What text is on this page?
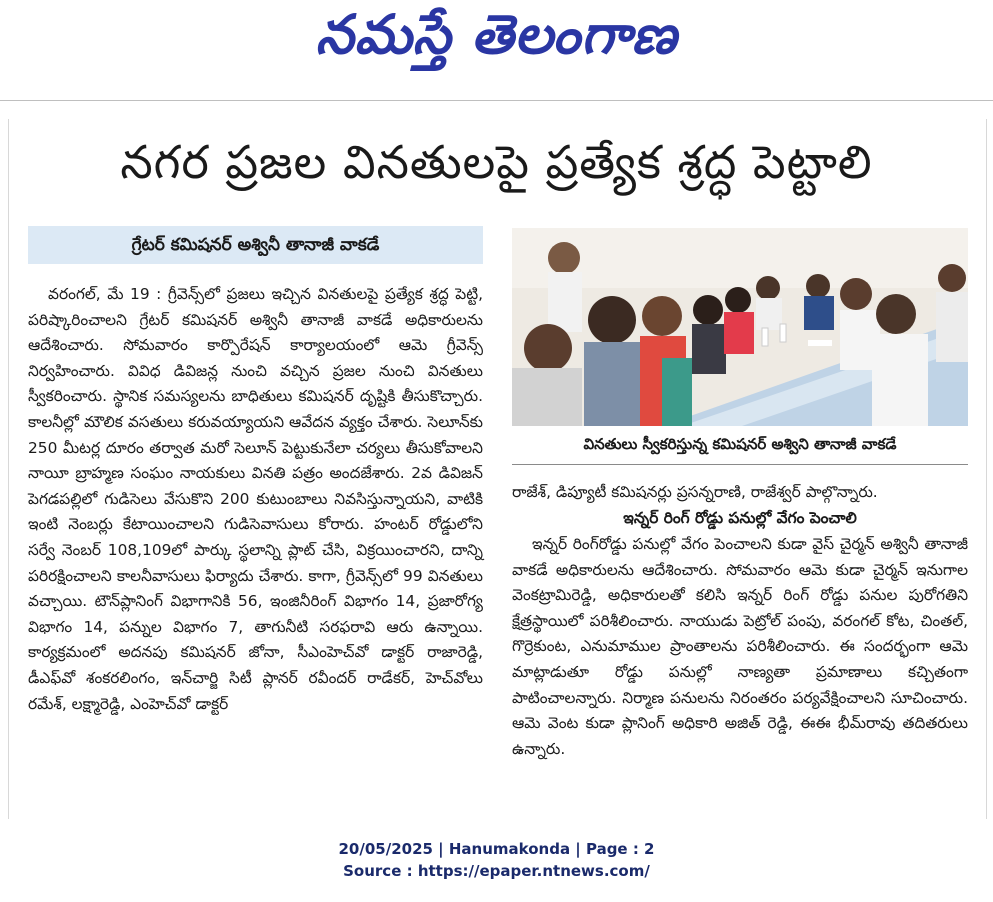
నమస్తే తెలంగాణ
నగర ప్రజల వినతులపై ప్రత్యేక శ్రద్ధ పెట్టాలి
గ్రేటర్ కమిషనర్ అశ్వినీ తానాజీ వాకడే

వరంగల్, మే 19 : గ్రీవెన్స్‌లో ప్రజలు ఇచ్చిన వినతులపై ప్రత్యేక శ్రద్ధ పెట్టి, పరిష్కారించాలని గ్రేటర్ కమిషనర్ అశ్వినీ తానాజీ వాకడే అధికారులను ఆదేశించారు. సోమవారం కార్పొరేషన్ కార్యాలయంలో ఆమె గ్రీవెన్స్ నిర్వహించారు. వివిధ డివిజన్ల నుంచి వచ్చిన ప్రజల నుంచి వినతులు స్వీకరించారు. స్థానిక సమస్యలను బాధితులు కమిషనర్ దృష్టికి తీసుకొచ్చారు. కాలనీల్లో మౌలిక వసతులు కరువయ్యాయని ఆవేదన వ్యక్తం చేశారు. సెలూన్‌కు 250 మీటర్ల దూరం తర్వాత మరో సెలూన్ పెట్టుకునేలా చర్యలు తీసుకోవాలని నాయీ బ్రాహ్మణ సంఘం నాయకులు వినతి పత్రం అందజేశారు. 2వ డివిజన్ పెగడపల్లిలో గుడిసెలు వేసుకొని 200 కుటుంబాలు నివసిస్తున్నాయని, వాటికి ఇంటి నెంబర్లు కేటాయించాలని గుడిసెవాసులు కోరారు. హంటర్ రోడ్డులోని సర్వే నెంబర్ 108,109లో పార్కు స్థలాన్ని ప్లాట్ చేసి, విక్రయించారని, దాన్ని పరిరక్షించాలని కాలనీవాసులు ఫిర్యాదు చేశారు. కాగా, గ్రీవెన్స్‌లో 99 వినతులు వచ్చాయి. టౌన్‌ప్లానింగ్ విభాగానికి 56, ఇంజినీరింగ్ విభాగం 14, ప్రజారోగ్య విభాగం 14, పన్నుల విభాగం 7, తాగునీటి సరఫరావి ఆరు ఉన్నాయి. కార్యక్రమంలో అదనపు కమిషనర్ జోనా, సీఎంహెచ్‌వో డాక్టర్ రాజారెడ్డి, డీఎఫ్‌వో శంకరలింగం, ఇన్‌చార్జి సిటీ ప్లానర్ రవీందర్ రాడేకర్, హెచ్‌వోలు రమేశ్, లక్ష్మారెడ్డి, ఎంహెచ్‌వో డాక్టర్

వినతులు స్వీకరిస్తున్న కమిషనర్ అశ్విని తానాజీ వాకడే

రాజేశ్, డిప్యూటీ కమిషనర్లు ప్రసన్నరాణి, రాజేశ్వర్ పాల్గొన్నారు.

ఇన్నర్ రింగ్ రోడ్డు పనుల్లో వేగం పెంచాలి

ఇన్నర్ రింగ్‌రోడ్డు పనుల్లో వేగం పెంచాలని కుడా వైస్ చైర్మన్ అశ్వినీ తానాజీ వాకడే అధికారులను ఆదేశించారు. సోమవారం ఆమె కుడా చైర్మన్ ఇనుగాల వెంకట్రామిరెడ్డి, అధికారులతో కలిసి ఇన్నర్ రింగ్ రోడ్డు పనుల పురోగతిని క్షేత్రస్థాయిలో పరిశీలించారు. నాయుడు పెట్రోల్ పంపు, వరంగల్ కోట, చింతల్, గొర్రెకుంట, ఎనుమాముల ప్రాంతాలను పరిశీలించారు. ఈ సందర్భంగా ఆమె మాట్లాడుతూ రోడ్డు పనుల్లో నాణ్యతా ప్రమాణాలు కచ్చితంగా పాటించాలన్నారు. నిర్మాణ పనులను నిరంతరం పర్యవేక్షించాలని సూచించారు. ఆమె వెంట కుడా ప్లానింగ్ అధికారి అజిత్ రెడ్డి, ఈఈ భీమ్‌రావు తదితరులు ఉన్నారు.

20/05/2025 | Hanumakonda | Page : 2
Source : https://epaper.ntnews.com/
